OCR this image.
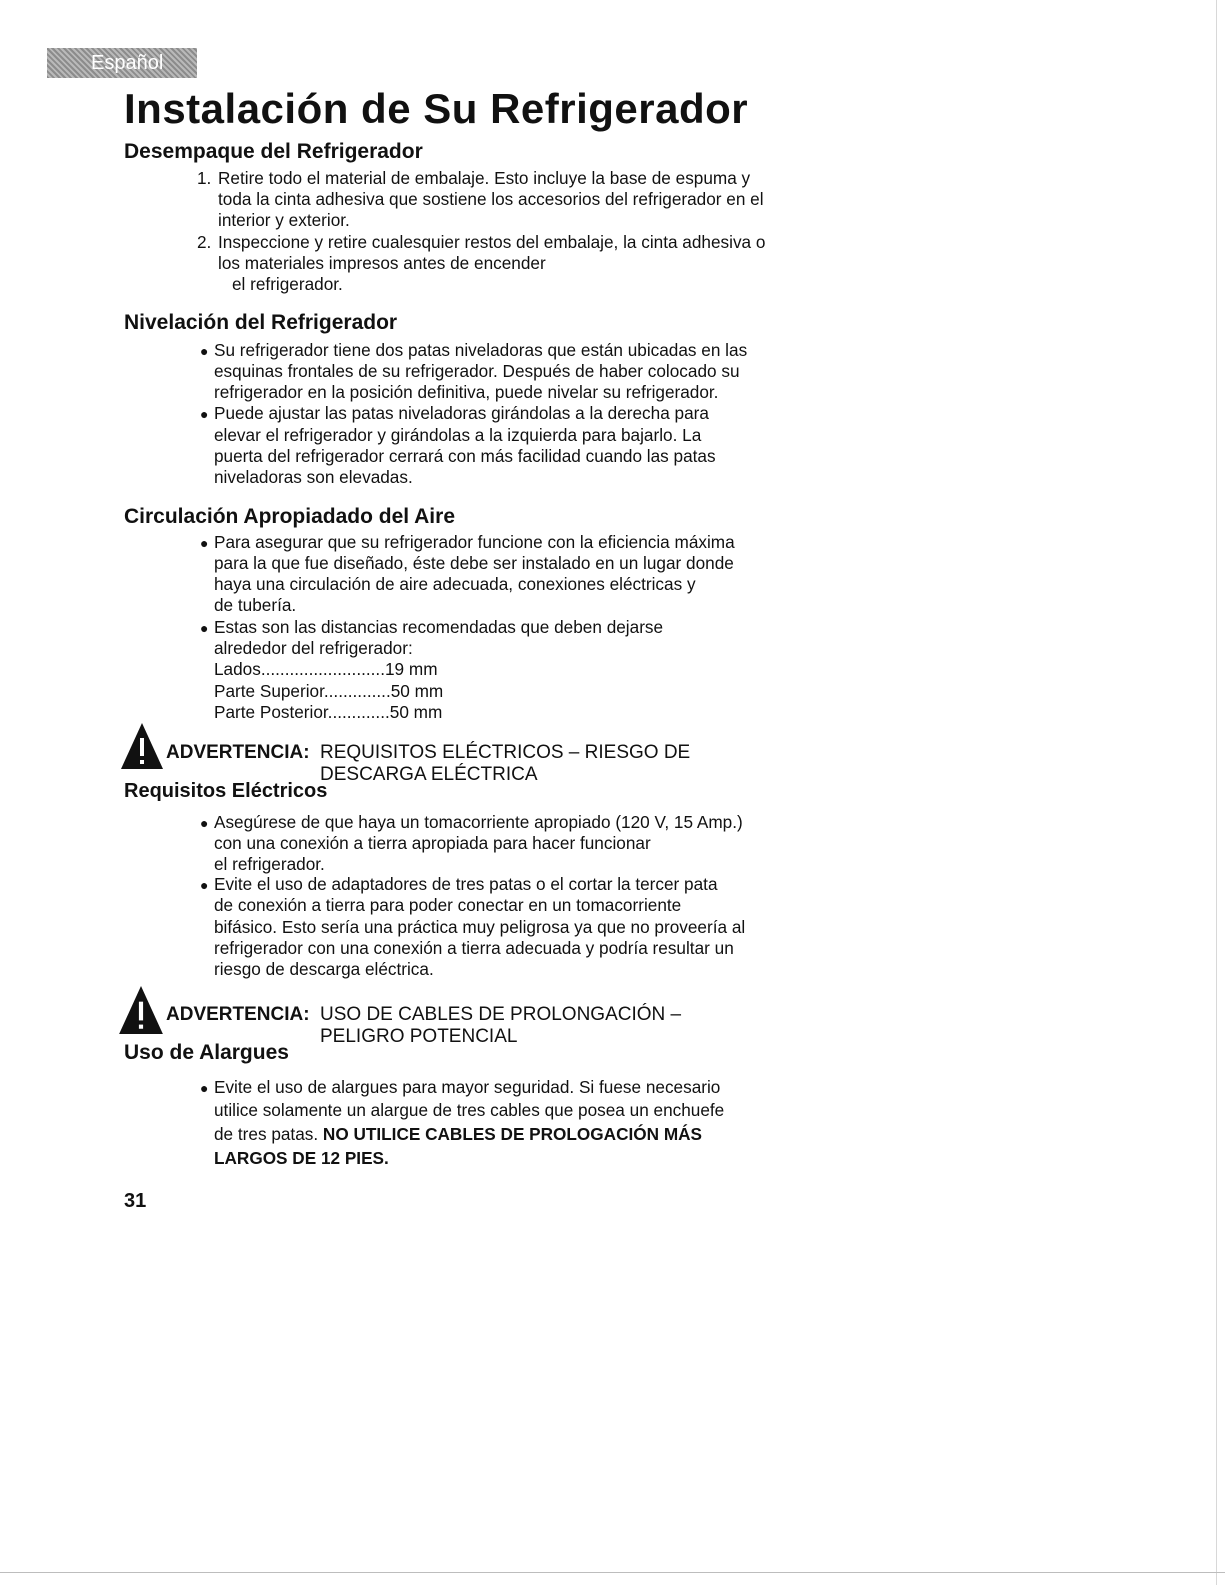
Español
Instalación de Su Refrigerador
Desempaque del Refrigerador
1. Retire todo el material de embalaje. Esto incluye la base de espuma y
toda la cinta adhesiva que sostiene los accesorios del refrigerador en el
interior y exterior.
2. Inspeccione y retire cualesquier restos del embalaje, la cinta adhesiva o
los materiales impresos antes de encender
el refrigerador.
Nivelación del Refrigerador
● Su refrigerador tiene dos patas niveladoras que están ubicadas en las
esquinas frontales de su refrigerador. Después de haber colocado su
refrigerador en la posición definitiva, puede nivelar su refrigerador.
● Puede ajustar las patas niveladoras girándolas a la derecha para
elevar el refrigerador y girándolas a la izquierda para bajarlo. La
puerta del refrigerador cerrará con más facilidad cuando las patas
niveladoras son elevadas.
Circulación Apropiadado del Aire
● Para asegurar que su refrigerador funcione con la eficiencia máxima
para la que fue diseñado, éste debe ser instalado en un lugar donde
haya una circulación de aire adecuada, conexiones eléctricas y
de tubería.
● Estas son las distancias recomendadas que deben dejarse
alrededor del refrigerador:
Lados..........................19 mm
Parte Superior..............50 mm
Parte Posterior.............50 mm
ADVERTENCIA: REQUISITOS ELÉCTRICOS – RIESGO DE
DESCARGA ELÉCTRICA
Requisitos Eléctricos
● Asegúrese de que haya un tomacorriente apropiado (120 V, 15 Amp.)
con una conexión a tierra apropiada para hacer funcionar
el refrigerador.
● Evite el uso de adaptadores de tres patas o el cortar la tercer pata
de conexión a tierra para poder conectar en un tomacorriente
bifásico. Esto sería una práctica muy peligrosa ya que no proveería al
refrigerador con una conexión a tierra adecuada y podría resultar un
riesgo de descarga eléctrica.
ADVERTENCIA: USO DE CABLES DE PROLONGACIÓN –
PELIGRO POTENCIAL
Uso de Alargues
● Evite el uso de alargues para mayor seguridad. Si fuese necesario
utilice solamente un alargue de tres cables que posea un enchuefe
de tres patas. NO UTILICE CABLES DE PROLOGACIÓN MÁS
LARGOS DE 12 PIES.
31
